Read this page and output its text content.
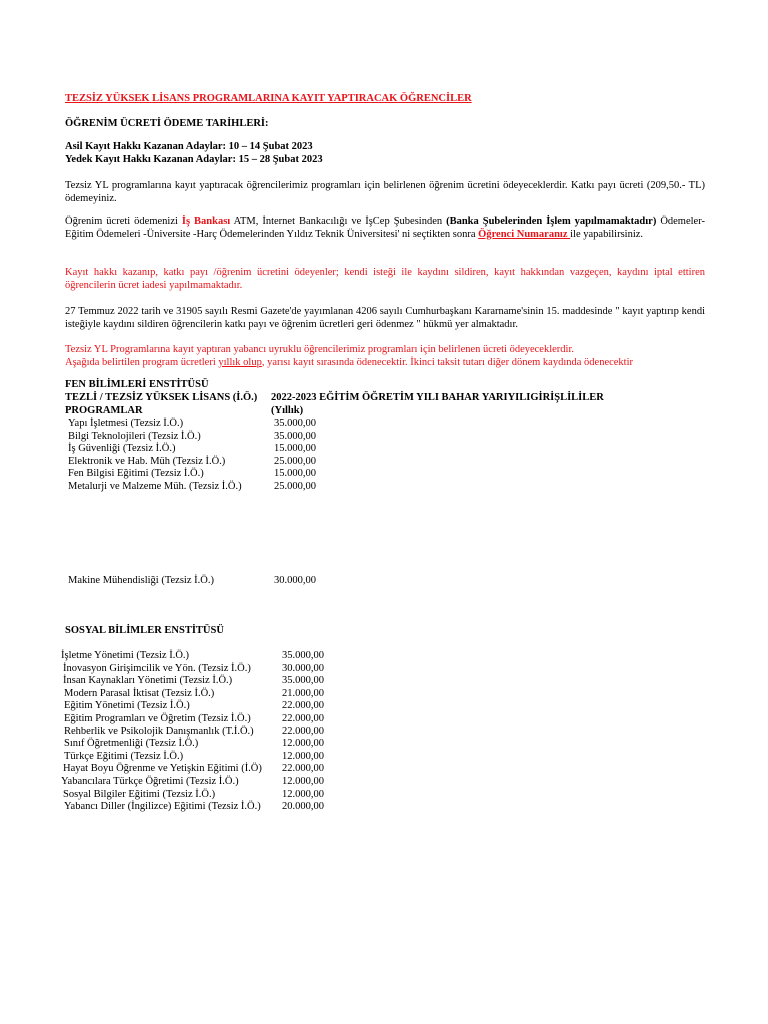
TEZSİZ YÜKSEK LİSANS PROGRAMLARINA KAYIT YAPTIRACAK ÖĞRENCİLER
ÖĞRENİM ÜCRETİ ÖDEME TARİHLERİ:

Asil Kayıt Hakkı Kazanan Adaylar: 10 – 14 Şubat 2023

Yedek Kayıt Hakkı Kazanan Adaylar: 15 – 28 Şubat 2023

Tezsiz YL programlarına kayıt yaptıracak öğrencilerimiz programları için belirlenen öğrenim ücretini ödeyeceklerdir. Katkı payı ücreti (209,50.- TL) ödemeyiniz.

Öğrenim ücreti ödemenizi İş Bankası ATM, İnternet Bankacılığı ve İşCep Şubesinden (Banka Şubelerinden İşlem yapılmamaktadır) Ödemeler-Eğitim Ödemeleri -Üniversite -Harç Ödemelerinden Yıldız Teknik Üniversitesi' ni seçtikten sonra Öğrenci Numaranız ile yapabilirsiniz.

Kayıt hakkı kazanıp, katkı payı /öğrenim ücretini ödeyenler; kendi isteği ile kaydını sildiren, kayıt hakkından vazgeçen, kaydını iptal ettiren öğrencilerin ücret iadesi yapılmamaktadır.

27 Temmuz 2022 tarih ve 31905 sayılı Resmi Gazete'de yayımlanan 4206 sayılı Cumhurbaşkanı Kararname'sinin 15. maddesinde " kayıt yaptırıp kendi isteğiyle kaydını sildiren öğrencilerin katkı payı ve öğrenim ücretleri geri ödenmez " hükmü yer almaktadır.

Tezsiz YL Programlarına kayıt yaptıran yabancı uyruklu öğrencilerimiz programları için belirlenen ücreti ödeyeceklerdir.

Aşağıda belirtilen program ücretleri yıllık olup, yarısı kayıt sırasında ödenecektir. İkinci taksit tutarı diğer dönem kaydında ödenecektir

FEN BİLİMLERİ ENSTİTÜSÜ
TEZLİ / TEZSİZ YÜKSEK LİSANS (İ.Ö.)
PROGRAMLAR
2022-2023 EĞİTİM ÖĞRETİM YILI BAHAR YARIYILIGİRİŞLİLİLER
(Yıllık)
Yapı İşletmesi (Tezsiz İ.Ö.)	35.000,00
Bilgi Teknolojileri (Tezsiz İ.Ö.)	35.000,00
İş Güvenliği (Tezsiz İ.Ö.)	15.000,00
Elektronik ve Hab. Müh (Tezsiz İ.Ö.)	25.000,00
Fen Bilgisi Eğitimi (Tezsiz İ.Ö.)	15.000,00
Metalurji ve Malzeme Müh. (Tezsiz İ.Ö.)	25.000,00
Makine Mühendisliği (Tezsiz İ.Ö.)	30.000,00
SOSYAL BİLİMLER ENSTİTÜSÜ
İşletme Yönetimi (Tezsiz İ.Ö.)	35.000,00
İnovasyon Girişimcilik ve Yön. (Tezsiz İ.Ö.)	30.000,00
İnsan Kaynakları Yönetimi (Tezsiz İ.Ö.)	35.000,00
Modern Parasal İktisat (Tezsiz İ.Ö.)	21.000,00
Eğitim Yönetimi (Tezsiz İ.Ö.)	22.000,00
Eğitim Programları ve Öğretim (Tezsiz İ.Ö.)	22.000,00
Rehberlik ve Psikolojik Danışmanlık (T.İ.Ö.)	22.000,00
Sınıf Öğretmenliği (Tezsiz İ.Ö.)	12.000,00
Türkçe Eğitimi (Tezsiz İ.Ö.)	12.000,00
Hayat Boyu Öğrenme ve Yetişkin Eğitimi (İ.Ö) 22.000,00
Yabancılara Türkçe Öğretimi (Tezsiz İ.Ö.)	12.000,00
Sosyal Bilgiler Eğitimi (Tezsiz İ.Ö.)	12.000,00
Yabancı Diller (İngilizce) Eğitimi (Tezsiz İ.Ö.) 20.000,00
